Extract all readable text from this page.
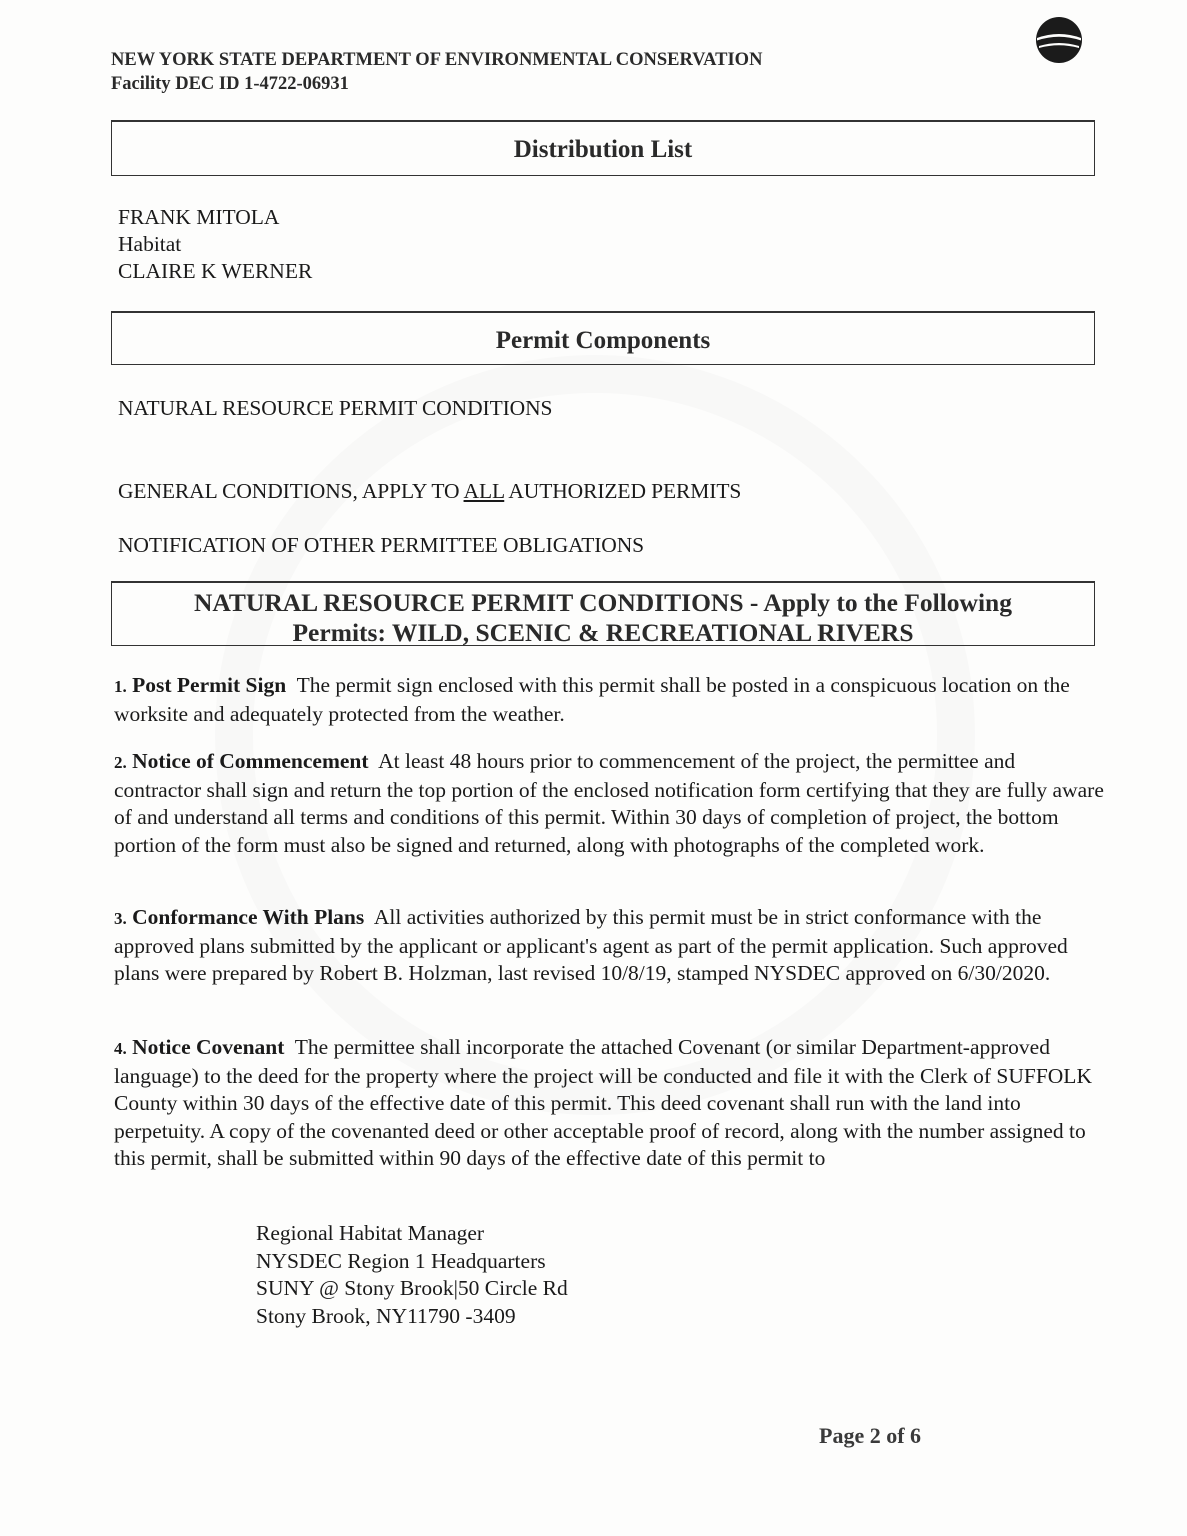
NEW YORK STATE DEPARTMENT OF ENVIRONMENTAL CONSERVATION
Facility DEC ID 1-4722-06931
Distribution List
FRANK MITOLA
Habitat
CLAIRE K WERNER
Permit Components
NATURAL RESOURCE PERMIT CONDITIONS
GENERAL CONDITIONS, APPLY TO ALL AUTHORIZED PERMITS
NOTIFICATION OF OTHER PERMITTEE OBLIGATIONS
NATURAL RESOURCE PERMIT CONDITIONS - Apply to the Following
Permits: WILD, SCENIC & RECREATIONAL RIVERS
1. Post Permit Sign The permit sign enclosed with this permit shall be posted in a conspicuous location on the worksite and adequately protected from the weather.
2. Notice of Commencement At least 48 hours prior to commencement of the project, the permittee and contractor shall sign and return the top portion of the enclosed notification form certifying that they are fully aware of and understand all terms and conditions of this permit. Within 30 days of completion of project, the bottom portion of the form must also be signed and returned, along with photographs of the completed work.
3. Conformance With Plans All activities authorized by this permit must be in strict conformance with the approved plans submitted by the applicant or applicant's agent as part of the permit application. Such approved plans were prepared by Robert B. Holzman, last revised 10/8/19, stamped NYSDEC approved on 6/30/2020.
4. Notice Covenant The permittee shall incorporate the attached Covenant (or similar Department-approved language) to the deed for the property where the project will be conducted and file it with the Clerk of SUFFOLK County within 30 days of the effective date of this permit. This deed covenant shall run with the land into perpetuity. A copy of the covenanted deed or other acceptable proof of record, along with the number assigned to this permit, shall be submitted within 90 days of the effective date of this permit to
Regional Habitat Manager
NYSDEC Region 1 Headquarters
SUNY @ Stony Brook|50 Circle Rd
Stony Brook, NY11790 -3409
Page 2 of 6
